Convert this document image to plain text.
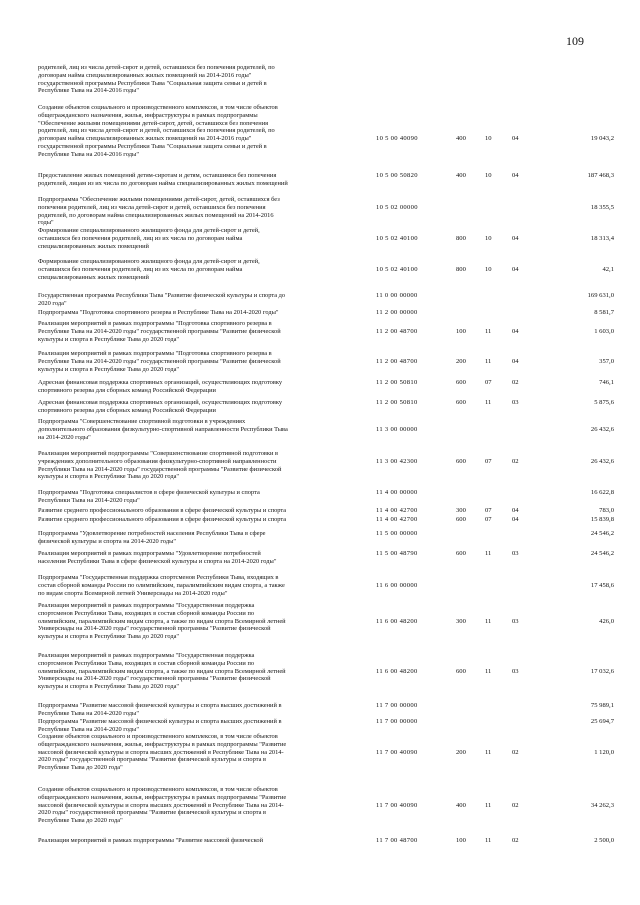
109
родителей, лиц из числа детей-сирот и детей, оставшихся без попечения родителей, по
договорам найма специализированных жилых помещений на 2014-2016 годы"
государственной программы Республики Тыва "Социальная защита семьи и детей в
Республике Тыва на 2014-2016 годы"
Создание объектов социального и производственного комплексов, в том числе объектов
общегражданского назначения, жилья, инфраструктуры в рамках подпрограммы
"Обеспечение жилыми помещениями детей-сирот, детей, оставшихся без попечения
родителей, лиц из числа детей-сирот и детей, оставшихся без попечения родителей, по
договорам найма специализированных жилых помещений на 2014-2016 годы"
государственной программы Республики Тыва "Социальная защита семьи и детей в
Республике Тыва на 2014-2016 годы"
10 5 00 40090	400	10	04	19 043,2
Предоставление жилых помещений детям-сиротам и детям, оставшимся без попечения
родителей, лицам из их числа по договорам найма специализированных жилых помещений
10 5 00 50820	400	10	04	187 468,3
Подпрограмма "Обеспечение жилыми помещениями детей-сирот, детей, оставшихся без
попечения родителей, лиц из числа детей-сирот и детей, оставшихся без попечения
родителей, по договорам найма специализированных жилых помещений на 2014-2016
годы"
10 5 02 00000	18 355,5
Формирование специализированного жилищного фонда для детей-сирот и детей,
оставшихся без попечения родителей, лиц из их числа по договорам найма
специализированных жилых помещений
10 5 02 40100	800	10	04	18 313,4
Формирование специализированного жилищного фонда для детей-сирот и детей,
оставшихся без попечения родителей, лиц из их числа по договорам найма
специализированных жилых помещений
10 5 02 40100	800	10	04	42,1
Государственная программа Республики Тыва "Развитие физической культуры и спорта до
2020 года"
11 0 00 00000	169 631,0
Подпрограмма "Подготовка спортивного резерва в Республике Тыва на 2014-2020 годы"	11 2 00 00000	8 581,7
Реализация мероприятий в рамках подпрограммы "Подготовка спортивного резерва в
Республике Тыва на 2014-2020 годы" государственной программы "Развитие физической
культуры и спорта в Республике Тыва до 2020 года"
11 2 00 48700	100	11	04	1 603,0
Реализация мероприятий в рамках подпрограммы "Подготовка спортивного резерва в
Республике Тыва на 2014-2020 годы" государственной программы "Развитие физической
культуры и спорта в Республике Тыва до 2020 года"
11 2 00 48700	200	11	04	357,0
Адресная финансовая поддержка спортивных организаций, осуществляющих подготовку
спортивного резерва для сборных команд Российской Федерации
11 2 00 50810	600	07	02	746,1
Адресная финансовая поддержка спортивных организаций, осуществляющих подготовку
спортивного резерва для сборных команд Российской Федерации
11 2 00 50810	600	11	03	5 875,6
Подпрограмма "Совершенствование спортивной подготовки в учреждениях
дополнительного образования физкультурно-спортивной направленности Республики Тыва
на 2014-2020 годы"
11 3 00 00000	26 432,6
Реализация мероприятий подпрограммы "Совершенствование спортивной подготовки в
учреждениях дополнительного образования физкультурно-спортивной направленности
Республики Тыва на 2014-2020 годы" государственной программы "Развитие физической
культуры и спорта в Республике Тыва до 2020 года"
11 3 00 42300	600	07	02	26 432,6
Подпрограмма "Подготовка специалистов в сфере физической культуры и спорта
Республики Тыва на 2014-2020 годы"
11 4 00 00000	16 622,8
Развитие среднего профессионального образования в сфере физической культуры и спорта	11 4 00 42700	300	07	04	783,0
Развитие среднего профессионального образования в сфере физической культуры и спорта	11 4 00 42700	600	07	04	15 839,8
Подпрограмма "Удовлетворение потребностей населения Республики Тыва в сфере
физической культуры и спорта на 2014-2020 годы"
11 5 00 00000	24 546,2
Реализация мероприятий в рамках подпрограммы "Удовлетворение потребностей
населения Республики Тыва в сфере физической культуры и спорта на 2014-2020 годы"
11 5 00 48790	600	11	03	24 546,2
Подпрограмма "Государственная поддержка спортсменов Республики Тыва, входящих в
состав сборной команды России по олимпийским, паралимпийским видам спорта, а также
по видам спорта Всемирной летней Универсиады на 2014-2020 годы"
11 6 00 00000	17 458,6
Реализация мероприятий в рамках подпрограммы "Государственная поддержка
спортсменов Республики Тыва, входящих в состав сборной команды России по
олимпийским, паралимпийским видам спорта, а также по видам спорта Всемирной летней
Универсиады на 2014-2020 годы" государственной программы "Развитие физической
культуры и спорта в Республике Тыва до 2020 года"
11 6 00 48200	300	11	03	426,0
Реализация мероприятий в рамках подпрограммы "Государственная поддержка
спортсменов Республики Тыва, входящих в состав сборной команды России по
олимпийским, паралимпийским видам спорта, а также по видам спорта Всемирной летней
Универсиады на 2014-2020 годы" государственной программы "Развитие физической
культуры и спорта в Республике Тыва до 2020 года"
11 6 00 48200	600	11	03	17 032,6
Подпрограмма "Развитие массовой физической культуры и спорта высших достижений в
Республике Тыва на 2014-2020 годы"
11 7 00 00000	75 989,1
Подпрограмма "Развитие массовой физической культуры и спорта высших достижений в
Республике Тыва на 2014-2020 годы"
11 7 00 00000	25 694,7
Создание объектов социального и производственного комплексов, в том числе объектов
общегражданского назначения, жилья, инфраструктуры в рамках подпрограммы "Развитие
массовой физической культуры и спорта высших достижений в Республике Тыва на 2014-
2020 годы" государственной программы "Развитие физической культуры и спорта в
Республике Тыва до 2020 года"
11 7 00 40090	200	11	02	1 120,0
Создание объектов социального и производственного комплексов, в том числе объектов
общегражданского назначения, жилья, инфраструктуры в рамках подпрограммы "Развитие
массовой физической культуры и спорта высших достижений в Республике Тыва на 2014-
2020 годы" государственной программы "Развитие физической культуры и спорта в
Республике Тыва до 2020 года"
11 7 00 40090	400	11	02	34 262,3
Реализация мероприятий в рамках подпрограммы "Развитие массовой физической	11 7 00 48700	100	11	02	2 500,0
